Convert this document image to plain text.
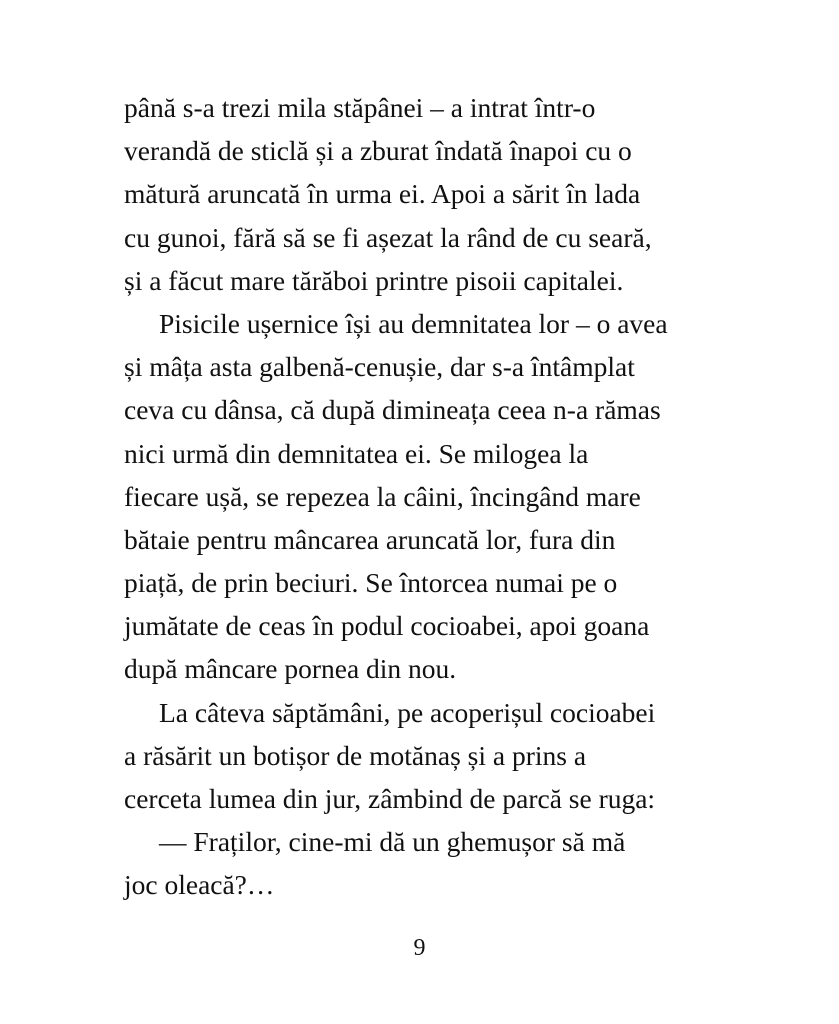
până s-a trezi mila stăpânei – a intrat într-o
verandă de sticlă și a zburat îndată înapoi cu o
mătură aruncată în urma ei. Apoi a sărit în lada
cu gunoi, fără să se fi așezat la rând de cu seară,
și a făcut mare tărăboi printre pisoii capitalei.
Pisicile ușernice își au demnitatea lor – o avea
și mâța asta galbenă-cenușie, dar s-a întâmplat
ceva cu dânsa, că după dimineața ceea n-a rămas
nici urmă din demnitatea ei. Se milogea la
fiecare ușă, se repezea la câini, încingând mare
bătaie pentru mâncarea aruncată lor, fura din
piață, de prin beciuri. Se întorcea numai pe o
jumătate de ceas în podul cocioabei, apoi goana
după mâncare pornea din nou.
La câteva săptămâni, pe acoperișul cocioabei
a răsărit un botișor de motănaș și a prins a
cerceta lumea din jur, zâmbind de parcă se ruga:
— Fraților, cine-mi dă un ghemușor să mă
joc oleacă?…
9
